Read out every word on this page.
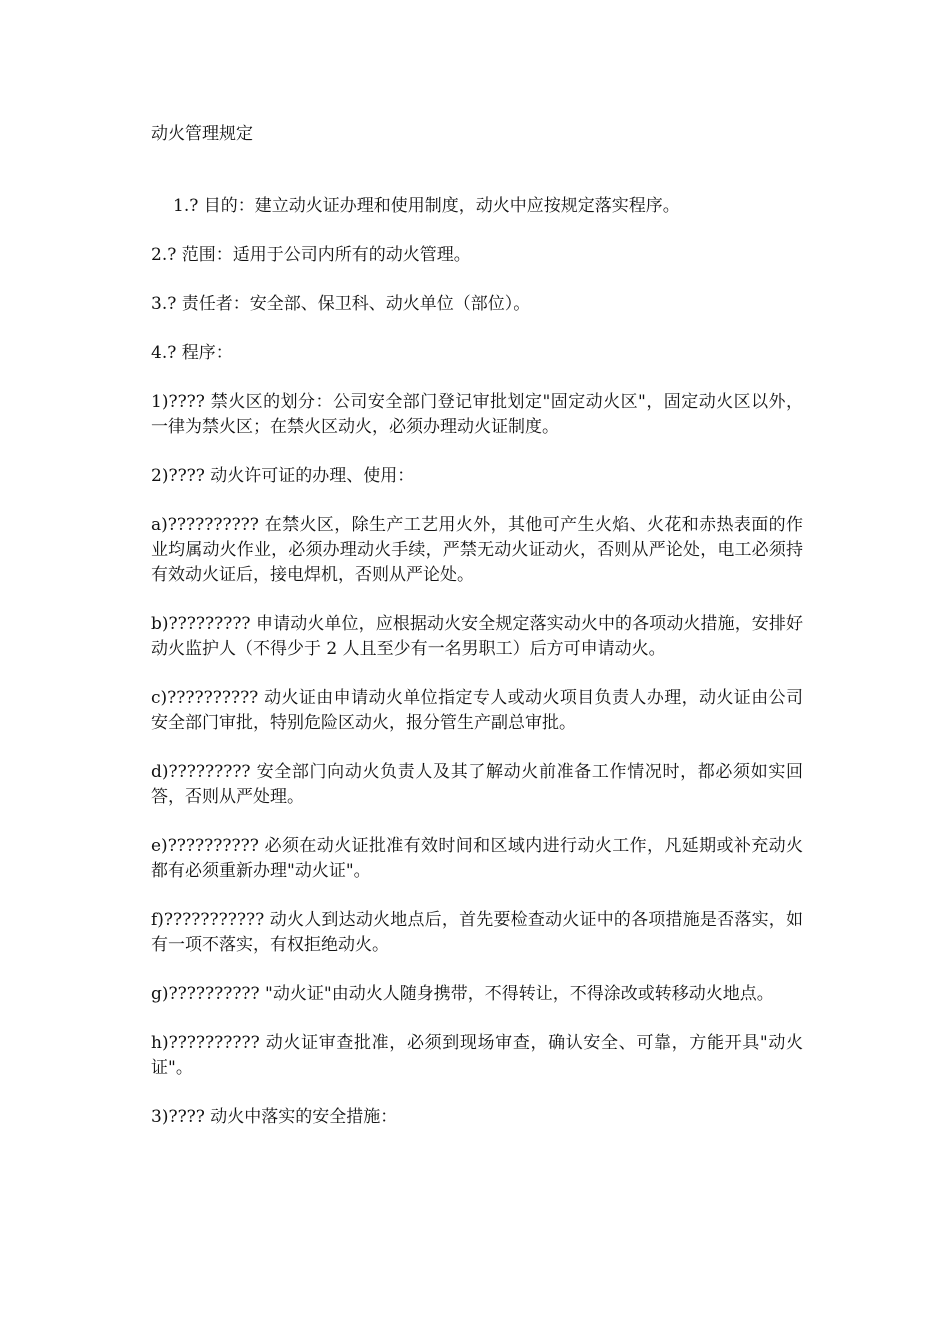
动火管理规定

1.? 目的：建立动火证办理和使用制度，动火中应按规定落实程序。

2.? 范围：适用于公司内所有的动火管理。

3.? 责任者：安全部、保卫科、动火单位（部位）。

4.? 程序：

1)???? 禁火区的划分：公司安全部门登记审批划定"固定动火区"，固定动火区以外，一律为禁火区；在禁火区动火，必须办理动火证制度。

2)???? 动火许可证的办理、使用：

a)?????????? 在禁火区，除生产工艺用火外，其他可产生火焰、火花和赤热表面的作业均属动火作业，必须办理动火手续，严禁无动火证动火，否则从严论处，电工必须持有效动火证后，接电焊机，否则从严论处。

b)????????? 申请动火单位，应根据动火安全规定落实动火中的各项动火措施，安排好动火监护人（不得少于 2 人且至少有一名男职工）后方可申请动火。

c)?????????? 动火证由申请动火单位指定专人或动火项目负责人办理，动火证由公司安全部门审批，特别危险区动火，报分管生产副总审批。

d)????????? 安全部门向动火负责人及其了解动火前准备工作情况时，都必须如实回答，否则从严处理。

e)?????????? 必须在动火证批准有效时间和区域内进行动火工作，凡延期或补充动火都有必须重新办理"动火证"。

f)??????????? 动火人到达动火地点后，首先要检查动火证中的各项措施是否落实，如有一项不落实，有权拒绝动火。

g)?????????? "动火证"由动火人随身携带，不得转让，不得涂改或转移动火地点。

h)?????????? 动火证审查批准，必须到现场审查，确认安全、可靠，方能开具"动火证"。

3)???? 动火中落实的安全措施：
